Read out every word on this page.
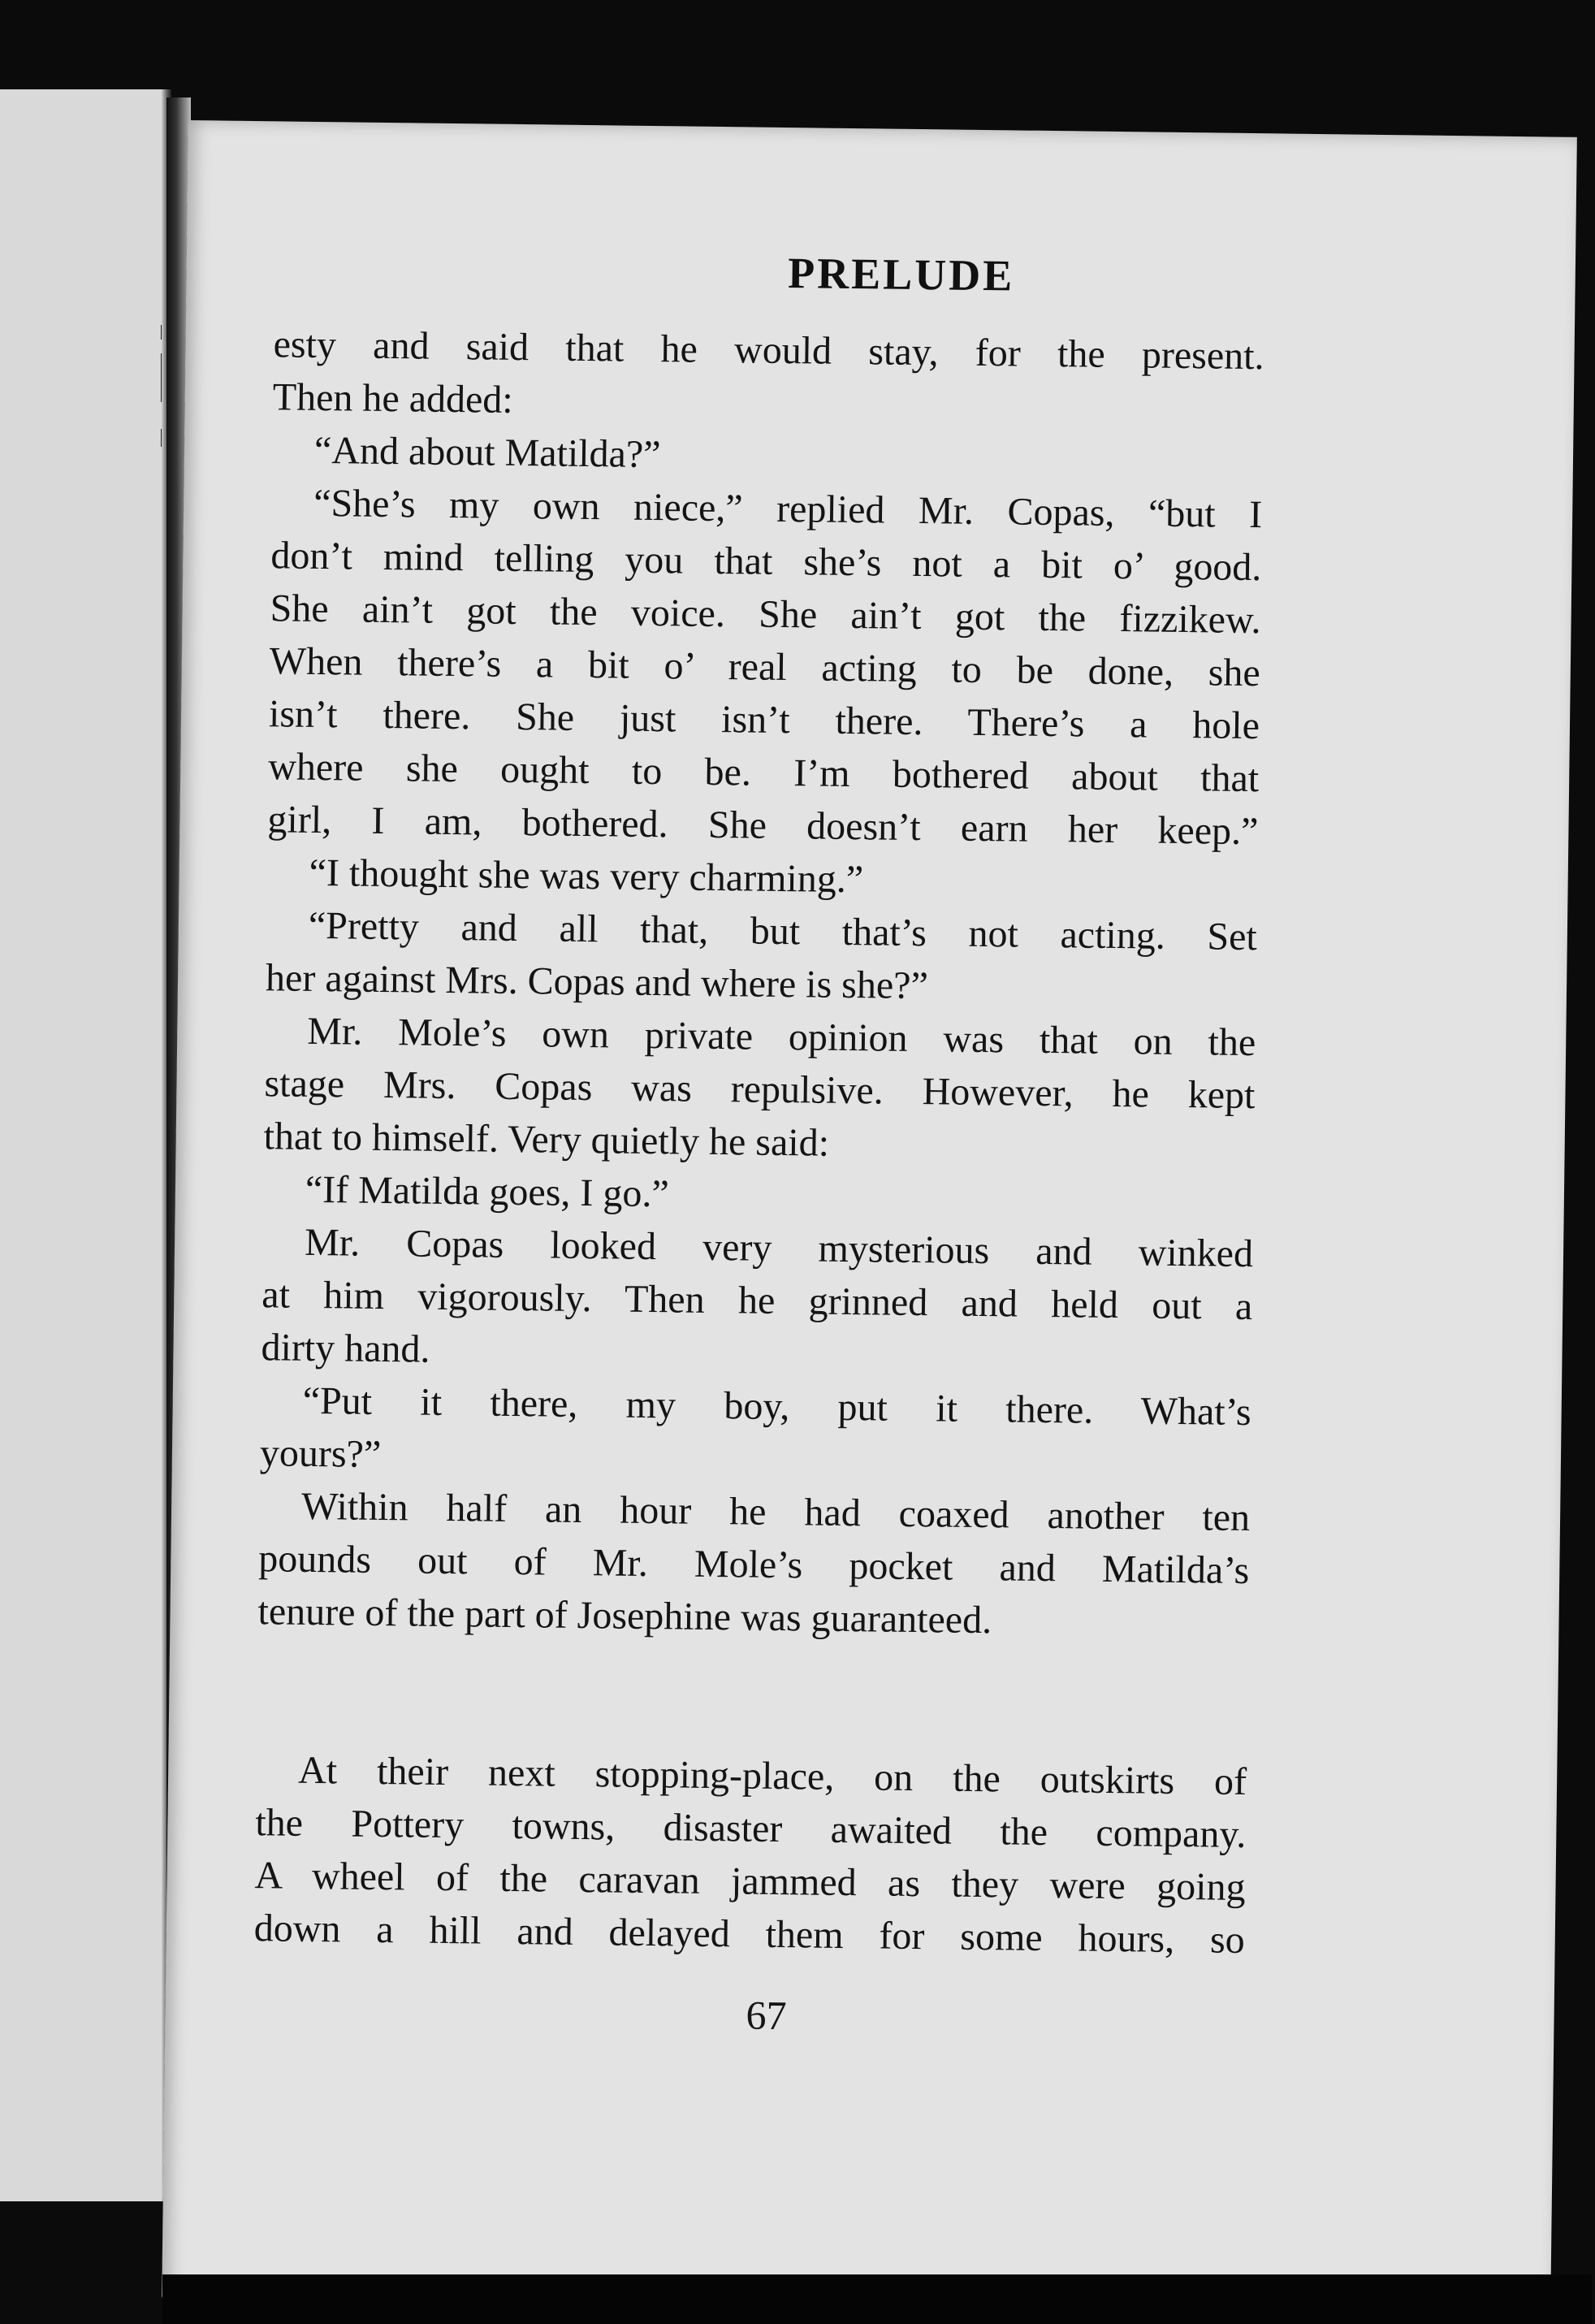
PRELUDE
esty and said that he would stay, for the present.
Then he added:
“And about Matilda?”
“She’s my own niece,” replied Mr. Copas, “but I
don’t mind telling you that she’s not a bit o’ good.
She ain’t got the voice. She ain’t got the fizzikew.
When there’s a bit o’ real acting to be done, she
isn’t there. She just isn’t there. There’s a hole
where she ought to be. I’m bothered about that
girl, I am, bothered. She doesn’t earn her keep.”
“I thought she was very charming.”
“Pretty and all that, but that’s not acting. Set
her against Mrs. Copas and where is she?”
Mr. Mole’s own private opinion was that on the
stage Mrs. Copas was repulsive. However, he kept
that to himself. Very quietly he said:
“If Matilda goes, I go.”
Mr. Copas looked very mysterious and winked
at him vigorously. Then he grinned and held out a
dirty hand.
“Put it there, my boy, put it there. What’s
yours?”
Within half an hour he had coaxed another ten
pounds out of Mr. Mole’s pocket and Matilda’s
tenure of the part of Josephine was guaranteed.
At their next stopping-place, on the outskirts of
the Pottery towns, disaster awaited the company.
A wheel of the caravan jammed as they were going
down a hill and delayed them for some hours, so
67
